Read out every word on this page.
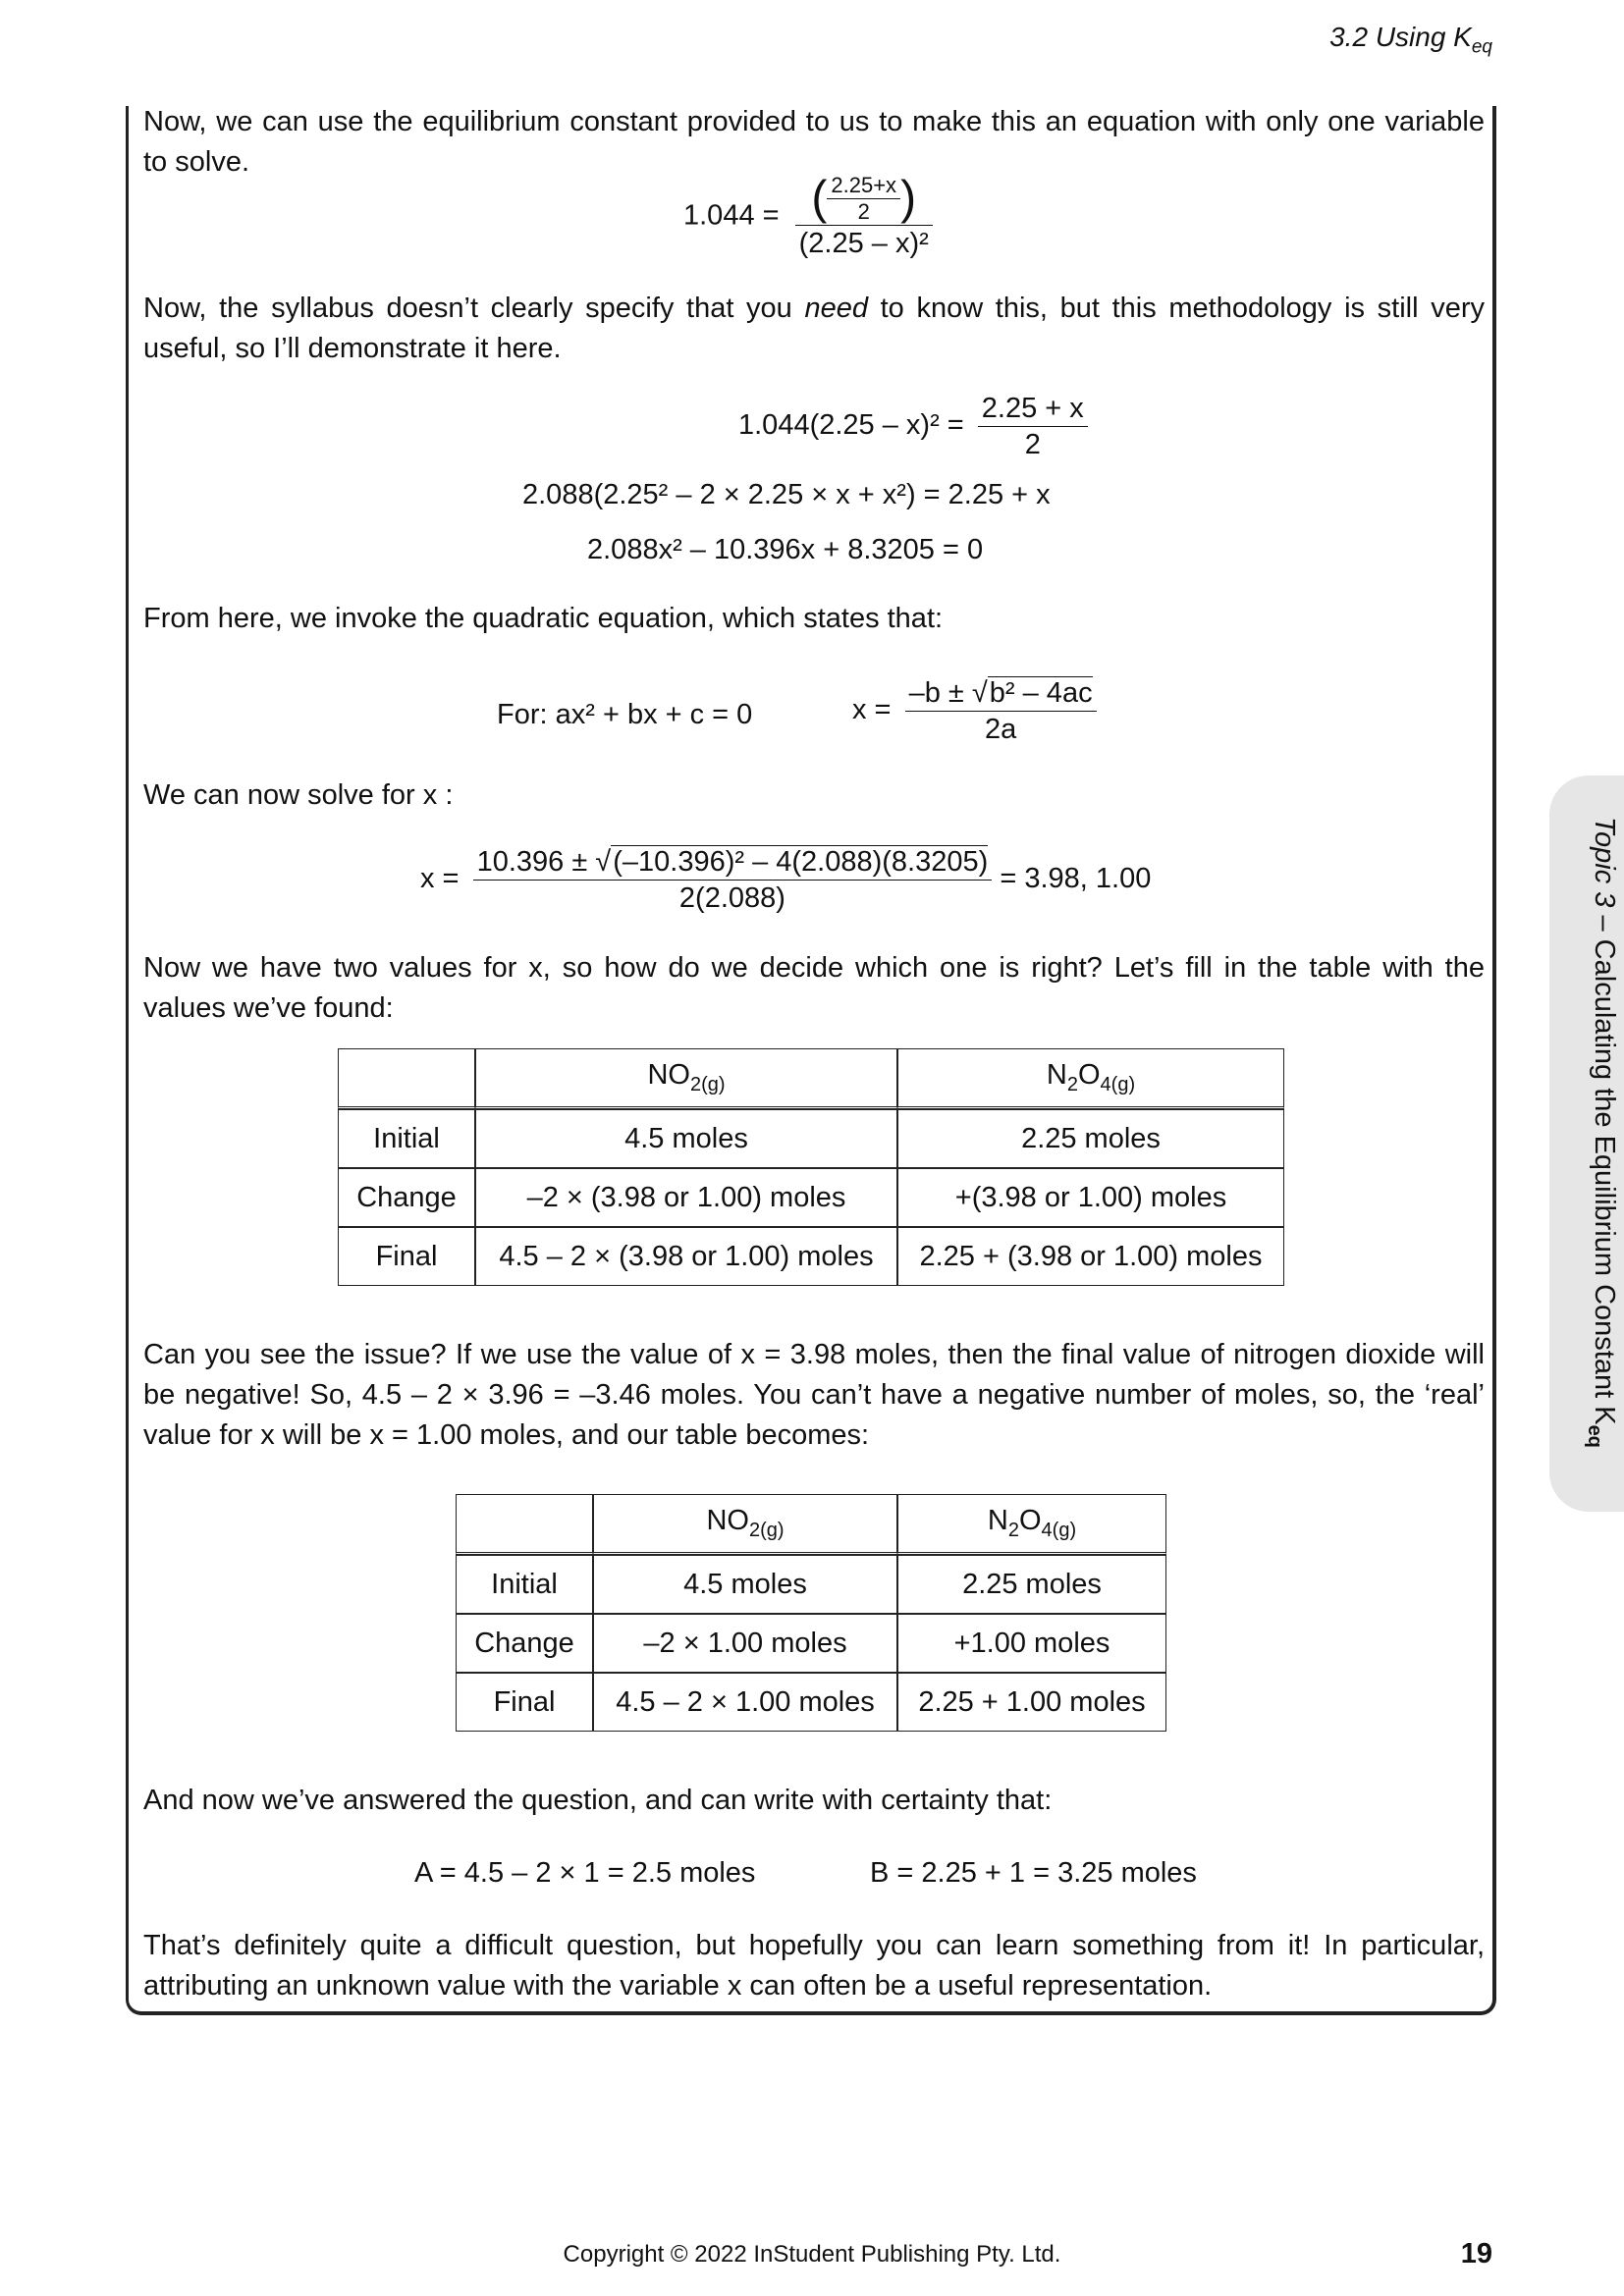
3.2 Using $K_{eq}$
Now, we can use the equilibrium constant provided to us to make this an equation with only one variable to solve.
$1.044 = \frac{( \frac{2.25+x}{2} )}{\text{(2.25 – x)²}}$
Now, the syllabus doesn’t clearly specify that you need to know this, but this methodology is still very useful, so I’ll demonstrate it here.
$1.044(2.25 - x)^2 = \frac{2.25 + x}{2}$
2.088(2.25² – 2 × 2.25 × x + x²) = 2.25 + x
2.088x² – 10.396x + 8.3205 = 0
From here, we invoke the quadratic equation, which states that:
For: ax² + bx + c = 0	$x = \frac{\text{–b ± √b² – 4ac}}{2a}$
We can now solve for x :
$x = \frac{\text{10.396 ± √(–10.396)² – 4(2.088)(8.3205)}}{2(2.088)} = 3.98$, 1.00
Now we have two values for x, so how do we decide which one is right? Let’s fill in the table with the values we’ve found:
	$NO_{2(g)}$	$N_2O_{4(g)}$
Initial	4.5 moles	2.25 moles
Change	–2 × (3.98 or 1.00) moles	+(3.98 or 1.00) moles
Final	4.5 – 2 × (3.98 or 1.00) moles	2.25 + (3.98 or 1.00) moles
Can you see the issue? If we use the value of x = 3.98 moles, then the final value of nitrogen dioxide will be negative! So, 4.5 – 2 × 3.96 = –3.46 moles. You can’t have a negative number of moles, so, the ‘real’ value for x will be x = 1.00 moles, and our table becomes:
	$NO_{2(g)}$	$N_2O_{4(g)}$
Initial	4.5 moles	2.25 moles
Change	–2 × 1.00 moles	+1.00 moles
Final	4.5 – 2 × 1.00 moles	2.25 + 1.00 moles
And now we’ve answered the question, and can write with certainty that:
A = 4.5 – 2 × 1 = 2.5 moles	B = 2.25 + 1 = 3.25 moles
That’s definitely quite a difficult question, but hopefully you can learn something from it! In particular, attributing an unknown value with the variable x can often be a useful representation.
Topic 3 – Calculating the Equilibrium Constant $K_{eq}$
Copyright © 2022 InStudent Publishing Pty. Ltd.	19
